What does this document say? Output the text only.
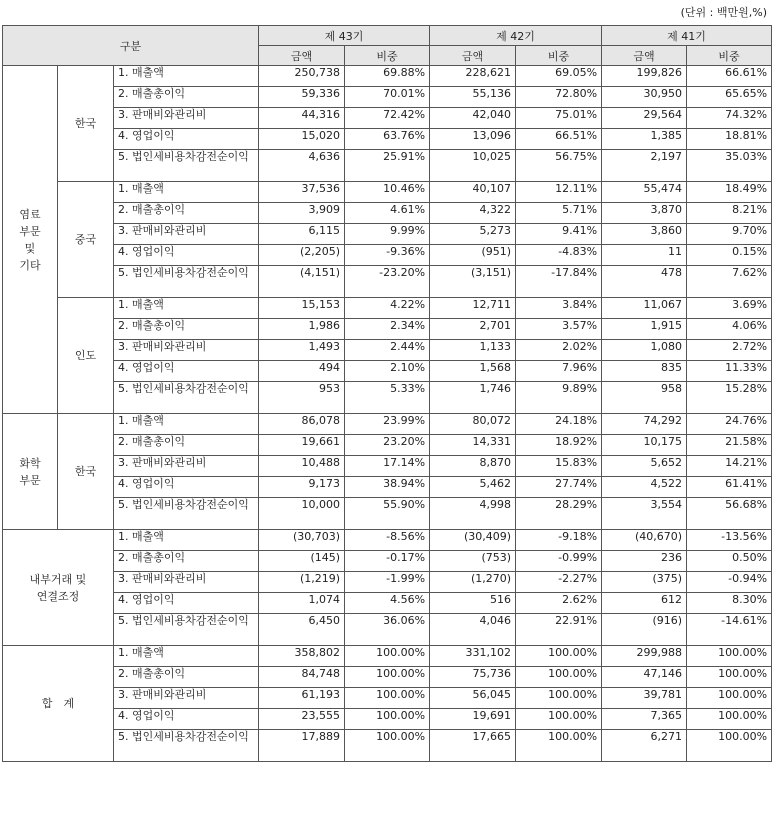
(단위 : 백만원,%)
구분			제 43기		제 42기		제 41기	
			금액	비중	금액	비중	금액	비중
염료
부문
및
기타	한국	1. 매출액	250,738	69.88%	228,621	69.05%	199,826	66.61%
		2. 매출총이익	59,336	70.01%	55,136	72.80%	30,950	65.65%
		3. 판매비와관리비	44,316	72.42%	42,040	75.01%	29,564	74.32%
		4. 영업이익	15,020	63.76%	13,096	66.51%	1,385	18.81%
		5. 법인세비용차감전순이익	4,636	25.91%	10,025	56.75%	2,197	35.03%
	중국	1. 매출액	37,536	10.46%	40,107	12.11%	55,474	18.49%
		2. 매출총이익	3,909	4.61%	4,322	5.71%	3,870	8.21%
		3. 판매비와관리비	6,115	9.99%	5,273	9.41%	3,860	9.70%
		4. 영업이익	(2,205)	-9.36%	(951)	-4.83%	11	0.15%
		5. 법인세비용차감전순이익	(4,151)	-23.20%	(3,151)	-17.84%	478	7.62%
	인도	1. 매출액	15,153	4.22%	12,711	3.84%	11,067	3.69%
		2. 매출총이익	1,986	2.34%	2,701	3.57%	1,915	4.06%
		3. 판매비와관리비	1,493	2.44%	1,133	2.02%	1,080	2.72%
		4. 영업이익	494	2.10%	1,568	7.96%	835	11.33%
		5. 법인세비용차감전순이익	953	5.33%	1,746	9.89%	958	15.28%
화학
부문	한국	1. 매출액	86,078	23.99%	80,072	24.18%	74,292	24.76%
		2. 매출총이익	19,661	23.20%	14,331	18.92%	10,175	21.58%
		3. 판매비와관리비	10,488	17.14%	8,870	15.83%	5,652	14.21%
		4. 영업이익	9,173	38.94%	5,462	27.74%	4,522	61.41%
		5. 법인세비용차감전순이익	10,000	55.90%	4,998	28.29%	3,554	56.68%
내부거래 및
연결조정		1. 매출액	(30,703)	-8.56%	(30,409)	-9.18%	(40,670)	-13.56%
		2. 매출총이익	(145)	-0.17%	(753)	-0.99%	236	0.50%
		3. 판매비와관리비	(1,219)	-1.99%	(1,270)	-2.27%	(375)	-0.94%
		4. 영업이익	1,074	4.56%	516	2.62%	612	8.30%
		5. 법인세비용차감전순이익	6,450	36.06%	4,046	22.91%	(916)	-14.61%
합　계		1. 매출액	358,802	100.00%	331,102	100.00%	299,988	100.00%
		2. 매출총이익	84,748	100.00%	75,736	100.00%	47,146	100.00%
		3. 판매비와관리비	61,193	100.00%	56,045	100.00%	39,781	100.00%
		4. 영업이익	23,555	100.00%	19,691	100.00%	7,365	100.00%
		5. 법인세비용차감전순이익	17,889	100.00%	17,665	100.00%	6,271	100.00%
